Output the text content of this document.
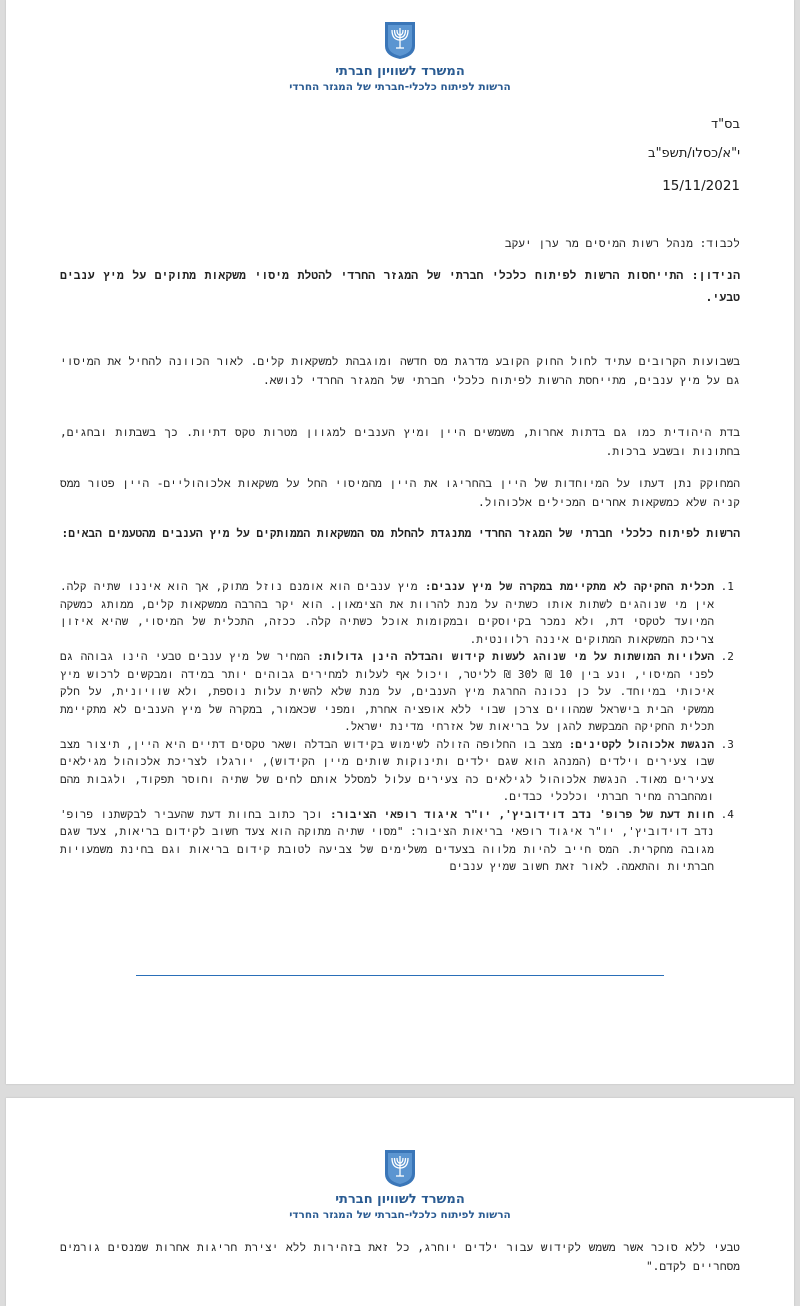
המשרד לשוויון חברתי
הרשות לפיתוח כלכלי-חברתי של המגזר החרדי
בס"ד
י"א/כסלו/תשפ"ב
15/11/2021
לכבוד: מנהל רשות המיסים מר ערן יעקב
הנידון: התייחסות הרשות לפיתוח כלכלי חברתי של המגזר החרדי להטלת מיסוי משקאות מתוקים על מיץ ענבים טבעי.
בשבועות הקרובים עתיד לחול החוק הקובע מדרגת מס חדשה ומוגבהת למשקאות קלים. לאור הכוונה להחיל את המיסוי גם על מיץ ענבים, מתייחסת הרשות לפיתוח כלכלי חברתי של המגזר החרדי לנושא.
בדת היהודית כמו גם בדתות אחרות, משמשים היין ומיץ הענבים למגוון מטרות טקס דתיות. כך בשבתות ובחגים, בחתונות ובשבע ברכות.
המחוקק נתן דעתו על המיוחדות של היין בהחריגו את היין מהמיסוי החל על משקאות אלכוהוליים- היין פטור ממס קניה שלא כמשקאות אחרים המכילים אלכוהול.
הרשות לפיתוח כלכלי חברתי של המגזר החרדי מתנגדת להחלת מס המשקאות הממותקים על מיץ הענבים מהטעמים הבאים:
1. תכלית החקיקה לא מתקיימת במקרה של מיץ ענבים: מיץ ענבים הוא אומנם נוזל מתוק, אך הוא איננו שתיה קלה. אין מי שנוהגים לשתות אותו כשתיה על מנת להרוות את הצימאון. הוא יקר בהרבה ממשקאות קלים, ממותג כמשקה המיועד לטקסי דת, ולא נמכר בקיוסקים ובמקומות אוכל כשתיה קלה. ככזה, התכלית של המיסוי, שהיא איזון צריכת המשקאות המתוקים איננה רלוונטית.
2. העלויות המושתות על מי שנוהג לעשות קידוש והבדלה הינן גדולות: המחיר של מיץ ענבים טבעי הינו גבוהה גם לפני המיסוי, ונע בין 10 ₪ ל30 ₪ לליטר, ויכול אף לעלות למחירים גבוהים יותר במידה ומבקשים לרכוש מיץ איכותי במיוחד. על כן נכונה החרגת מיץ הענבים, על מנת שלא להשית עלות נוספת, ולא שוויונית, על חלק ממשקי הבית בישראל שמהווים צרכן שבוי ללא אופציה אחרת, ומפני שכאמור, במקרה של מיץ הענבים לא מתקיימת תכלית החקיקה המבקשת להגן על בריאות של אזרחי מדינת ישראל.
3. הנגשת אלכוהול לקטינים: מצב בו החלופה הזולה לשימוש בקידוש הבדלה ושאר טקסים דתיים היא היין, תיצור מצב שבו צעירים וילדים (המנהג הוא שגם ילדים ותינוקות שותים מיין הקידוש), יורגלו לצריכת אלכוהול מגילאים צעירים מאוד. הנגשת אלכוהול לגילאים כה צעירים עלול למסלל אותם לחים של שתיה וחוסר תפקוד, ולגבות מהם ומהחברה מחיר חברתי וכלכלי כבדים.
4. חוות דעת של פרופ' נדב דוידוביץ', יו"ר איגוד רופאי הציבור: וכך כתוב בחוות דעת שהעביר לבקשתנו פרופ' נדב דוידוביץ', יו"ר איגוד רופאי בריאות הציבור: "מסוי שתיה מתוקה הוא צעד חשוב לקידום בריאות, צעד שגם מגובה מחקרית. המס חייב להיות מלווה בצעדים משלימים של צביעה לטובת קידום בריאות וגם בחינת משמעויות חברתיות והתאמה. לאור זאת חשוב שמיץ ענבים
המשרד לשוויון חברתי
הרשות לפיתוח כלכלי-חברתי של המגזר החרדי
טבעי ללא סוכר אשר משמש לקידוש עבור ילדים יוחרג, כל זאת בזהירות ללא יצירת חריגות אחרות שמנסים גורמים מסחריים לקדם."
